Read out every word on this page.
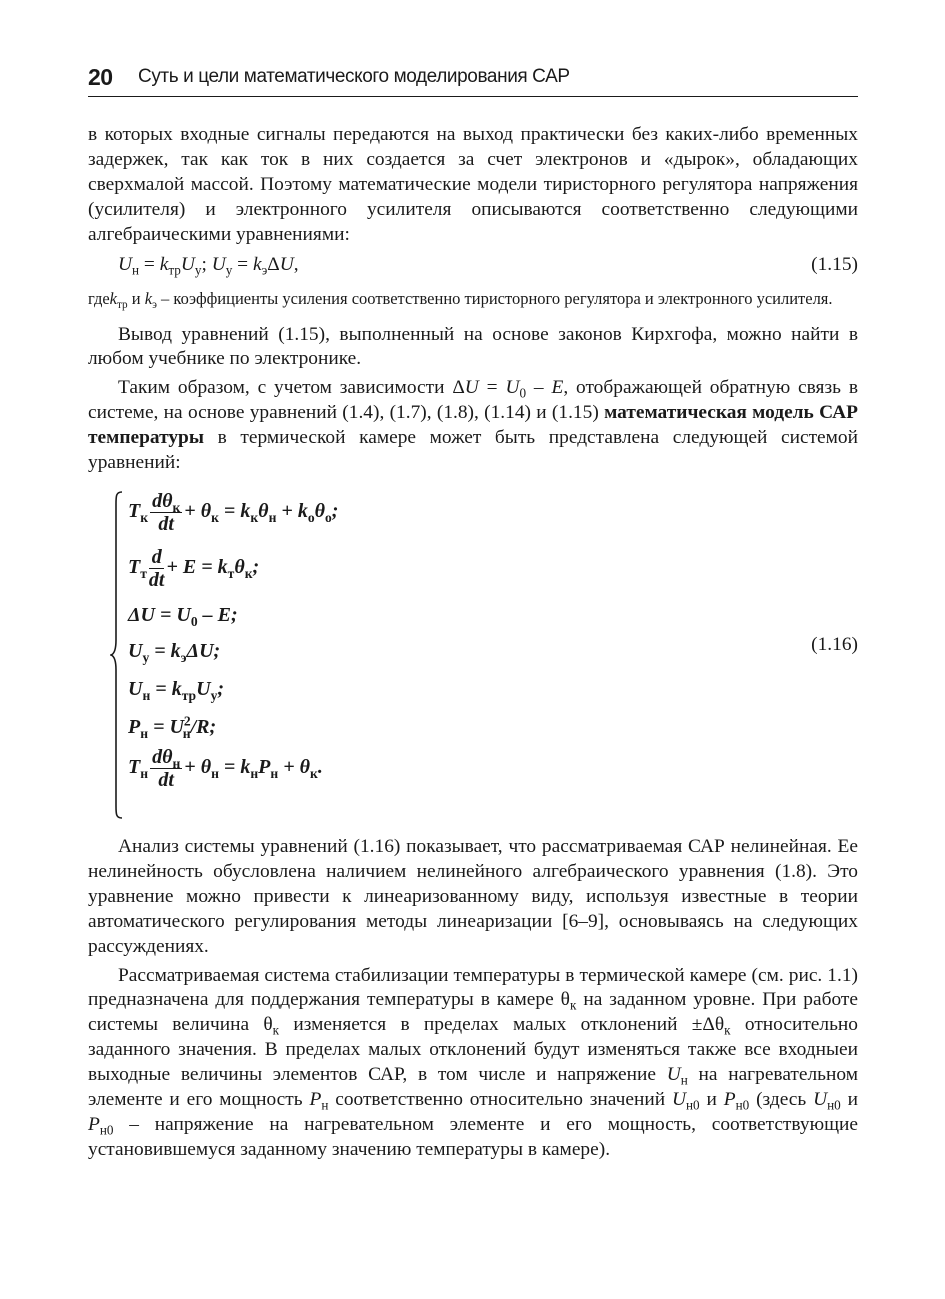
20 Суть и цели математического моделирования САР

в которых входные сигналы передаются на выход практически без каких-либо временных задержек, так как ток в них создается за счет электронов и «дырок», обладающих сверхмалой массой. Поэтому математические модели тиристорного регулятора напряжения (усилителя) и электронного усилителя описываются соответственно следующими алгебраическими уравнениями:

$U_н = k_{тр}U_у$; $U_у = k_э\Delta U$,	(1.15)
гдеk$_{тр}$ и $k_э$ – коэффициенты усиления соответственно тиристорного регулятора и электронного усилителя.

Вывод уравнений (1.15), выполненный на основе законов Кирхгофа, можно найти в любом учебнике по электронике.

Таким образом, с учетом зависимости $\Delta U = U_0 - E$, отображающей обратную связь в системе, на основе уравнений (1.4), (1.7), (1.8), (1.14) и (1.15) математическая модель САР температуры в термической камере может быть представлена следующей системой уравнений:

$T_к \frac{d\theta_к}{dt} + \theta_к = k_к\theta_н + k_о\theta_о$;
$T_т \frac{d}{dt} + E = k_т\theta_к$;
$\Delta U = U_0 - E$;
$U_у = k_э\Delta U$;
$U_н = k_{тр}U_у$;
$P_н = U^2_н/R$;
$T_н \frac{d\theta_н}{dt} + \theta_н = k_нP_н + \theta_к$.
(1.16)

Анализ системы уравнений (1.16) показывает, что рассматриваемая САР нелинейная. Ее нелинейность обусловлена наличием нелинейного алгебраического уравнения (1.8). Это уравнение можно привести к линеаризованному виду, используя известные в теории автоматического регулирования методы линеаризации [6–9], основываясь на следующих рассуждениях.

Рассматриваемая система стабилизации температуры в термической камере (см. рис. 1.1) предназначена для поддержания температуры в камере $\theta_к$ на заданном уровне. При работе системы величина $\theta_к$ изменяется в пределах малых отклонений $\pm\Delta\theta_к$ относительно заданного значения. В пределах малых отклонений будут изменяться также все входныеи выходные величины элементов САР, в том числе и напряжение $U_н$ на нагревательном элементе и его мощность $P_н$ соответственно относительно значений $U_{н0}$ и $P_{н0}$ (здесь $U_{н0}$ и $P_{н0}$ – напряжение на нагревательном элементе и его мощность, соответствующие установившемуся заданному значению температуры в камере).
